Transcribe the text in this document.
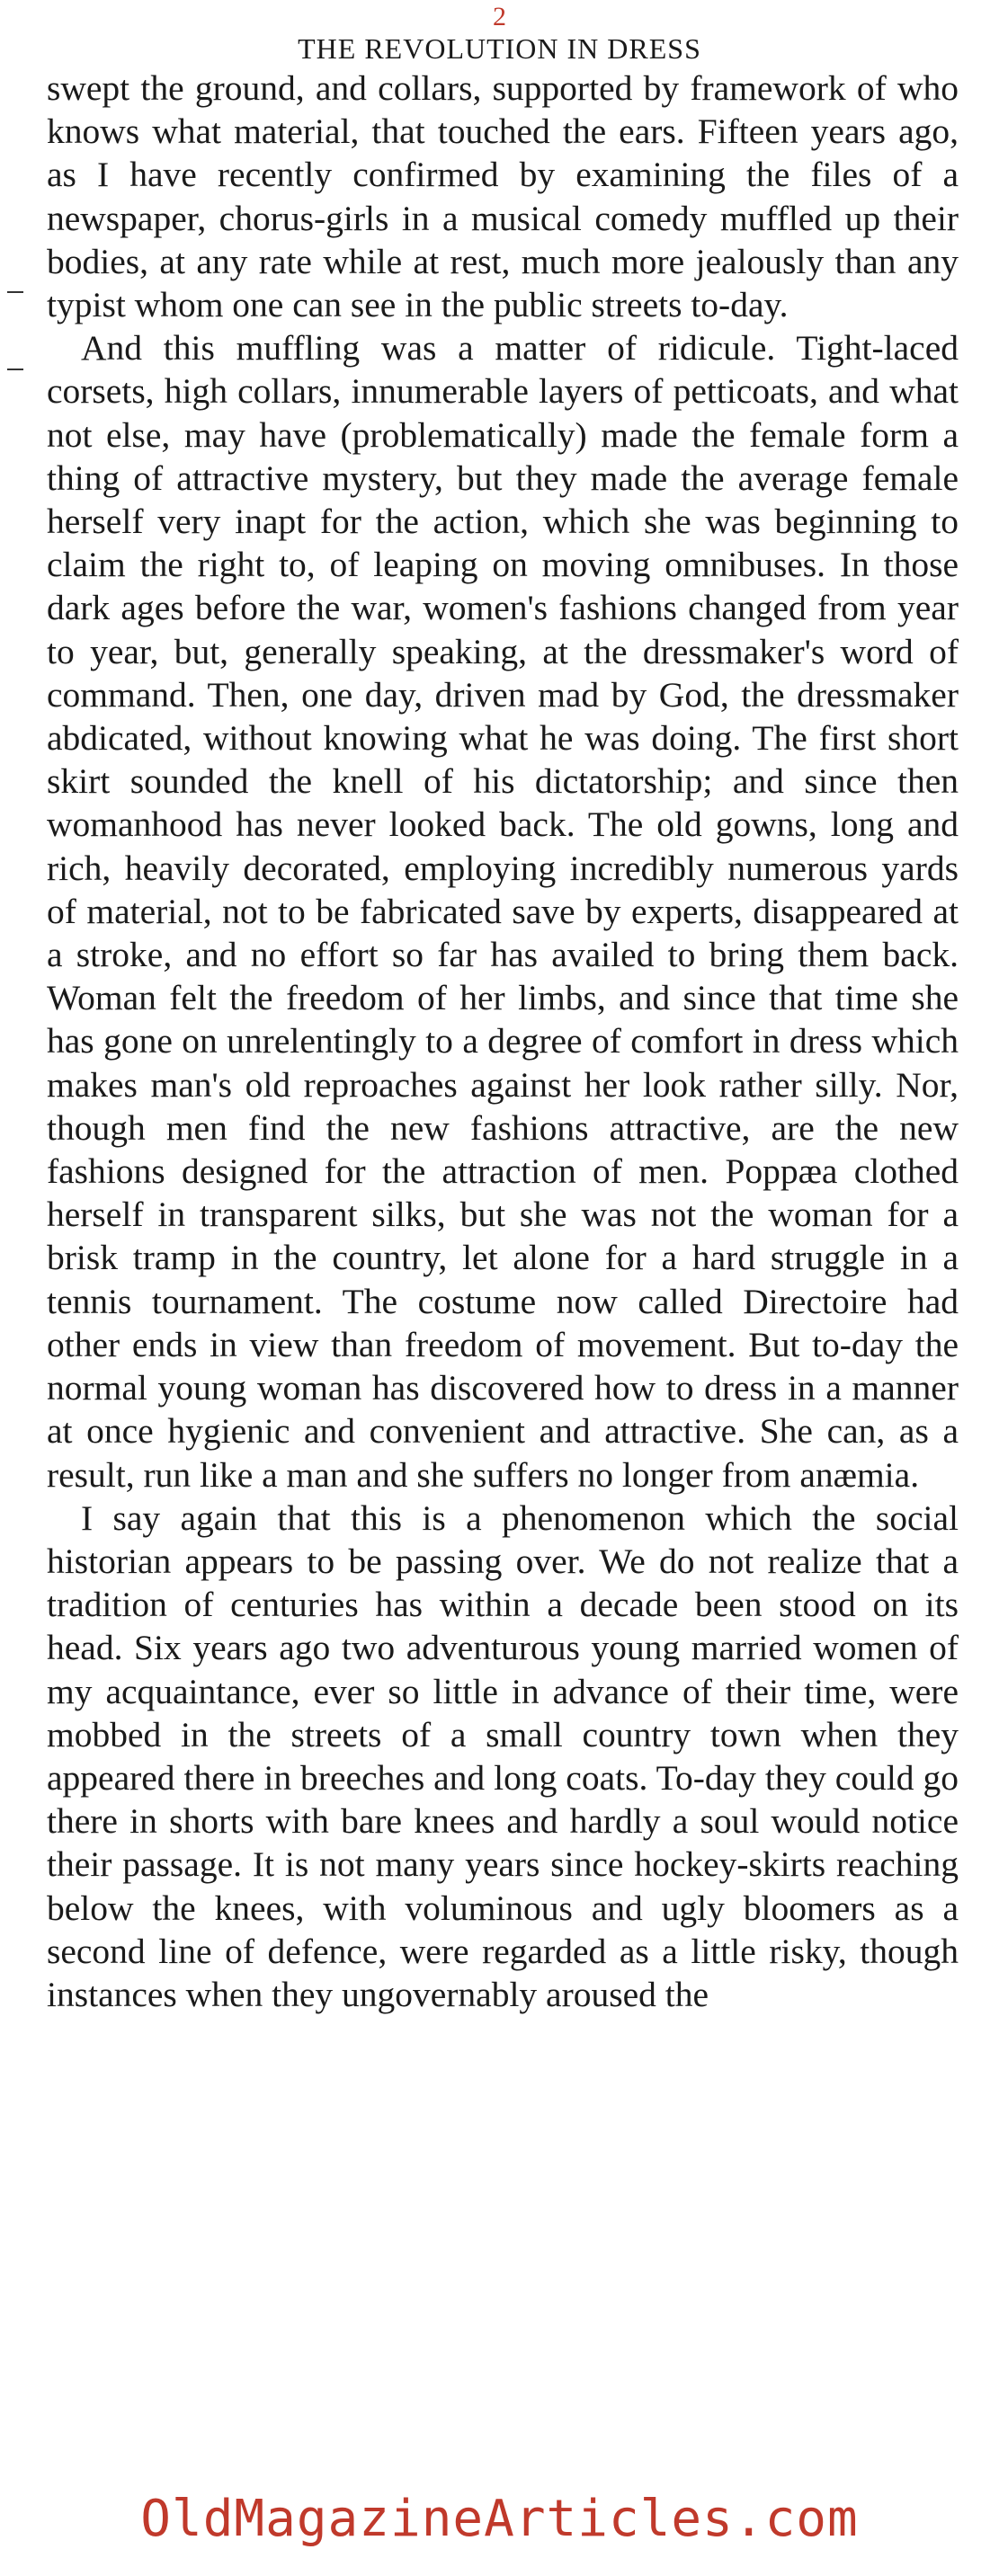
2
THE REVOLUTION IN DRESS

swept the ground, and collars, supported by framework of who knows what material, that touched the ears. Fifteen years ago, as I have recently confirmed by examining the files of a newspaper, chorus-girls in a musical comedy muffled up their bodies, at any rate while at rest, much more jealously than any typist whom one can see in the public streets to-day.

And this muffling was a matter of ridicule. Tight-laced corsets, high collars, innumerable layers of petticoats, and what not else, may have (problematically) made the female form a thing of attractive mystery, but they made the average female herself very inapt for the action, which she was beginning to claim the right to, of leaping on moving omnibuses. In those dark ages before the war, women's fashions changed from year to year, but, generally speaking, at the dressmaker's word of command. Then, one day, driven mad by God, the dressmaker abdicated, without knowing what he was doing. The first short skirt sounded the knell of his dictatorship; and since then womanhood has never looked back. The old gowns, long and rich, heavily decorated, employing incredibly numerous yards of material, not to be fabricated save by experts, disappeared at a stroke, and no effort so far has availed to bring them back. Woman felt the freedom of her limbs, and since that time she has gone on unrelentingly to a degree of comfort in dress which makes man's old reproaches against her look rather silly. Nor, though men find the new fashions attractive, are the new fashions designed for the attraction of men. Poppæa clothed herself in transparent silks, but she was not the woman for a brisk tramp in the country, let alone for a hard struggle in a tennis tournament. The costume now called Directoire had other ends in view than freedom of movement. But to-day the normal young woman has discovered how to dress in a manner at once hygienic and convenient and attractive. She can, as a result, run like a man and she suffers no longer from anæmia.

I say again that this is a phenomenon which the social historian appears to be passing over. We do not realize that a tradition of centuries has within a decade been stood on its head. Six years ago two adventurous young married women of my acquaintance, ever so little in advance of their time, were mobbed in the streets of a small country town when they appeared there in breeches and long coats. To-day they could go there in shorts with bare knees and hardly a soul would notice their passage. It is not many years since hockey-skirts reaching below the knees, with voluminous and ugly bloomers as a second line of defence, were regarded as a little risky, though instances when they ungovernably aroused the

OldMagazineArticles.com
